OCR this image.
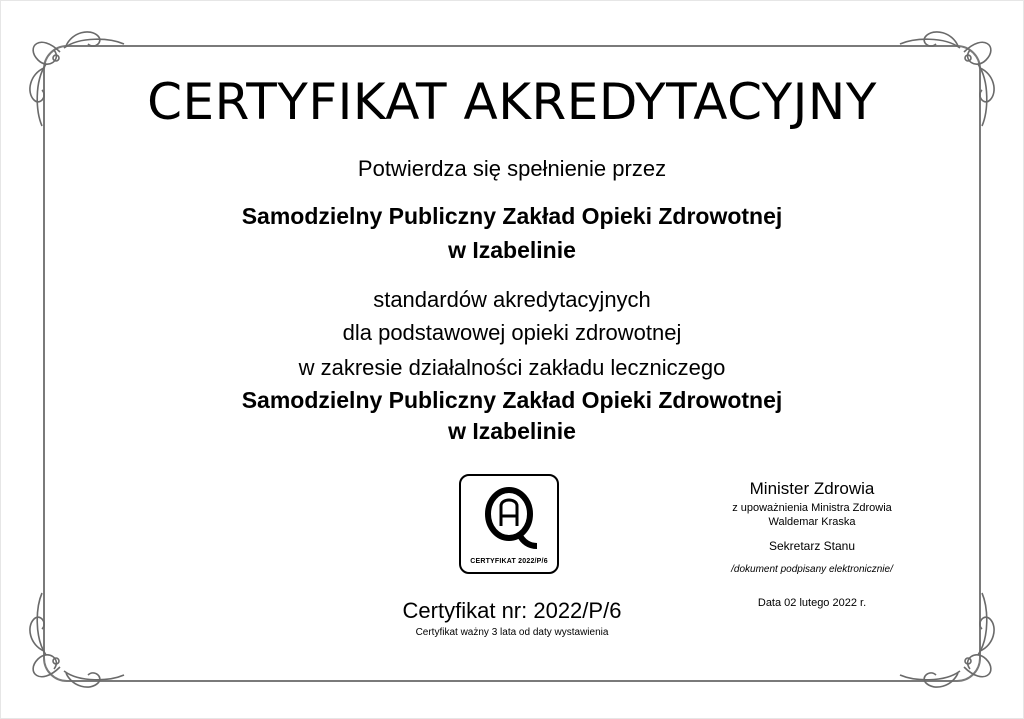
CERTYFIKAT AKREDYTACYJNY
Potwierdza się spełnienie przez
Samodzielny Publiczny Zakład Opieki Zdrowotnej
w Izabelinie
standardów akredytacyjnych
dla podstawowej opieki zdrowotnej
w zakresie działalności zakładu leczniczego
Samodzielny Publiczny Zakład Opieki Zdrowotnej
w Izabelinie
CERTYFIKAT 2022/P/6
Certyfikat nr: 2022/P/6
Certyfikat ważny 3 lata od daty wystawienia
Minister Zdrowia
z upoważnienia Ministra Zdrowia
Waldemar Kraska
Sekretarz Stanu
/dokument podpisany elektronicznie/
Data 02 lutego 2022 r.
